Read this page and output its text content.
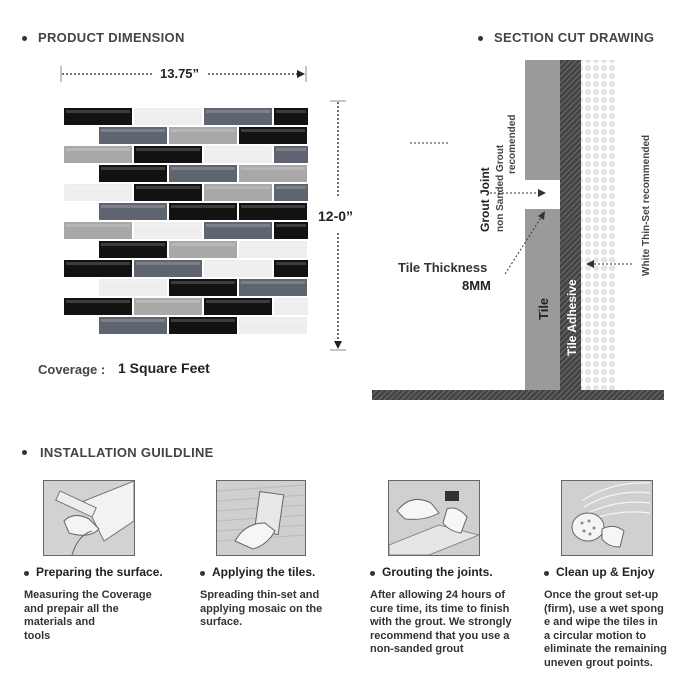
PRODUCT DIMENSION
13.75”
12-0”
Coverage : 1 Square Feet
SECTION CUT DRAWING
Grout Joint non Sanded Grout
recomended
Tile Tile Adhesive
White Thin-Set recommended
Tile Thickness
8MM
INSTALLATION GUILDLINE
Preparing the surface.	Applying the tiles.	Grouting the joints.	Clean up & Enjoy
Measuring the Coverage
and prepair all the
materials and
tools
Spreading thin-set and
applying mosaic on the
surface.
After allowing 24 hours of
cure time, its time to finish
with the grout. We strongly
recommend that you use a
non-sanded grout
Once the grout set-up
(firm), use a wet spong
e and wipe the tiles in
a circular motion to
eliminate the remaining
uneven grout points.
